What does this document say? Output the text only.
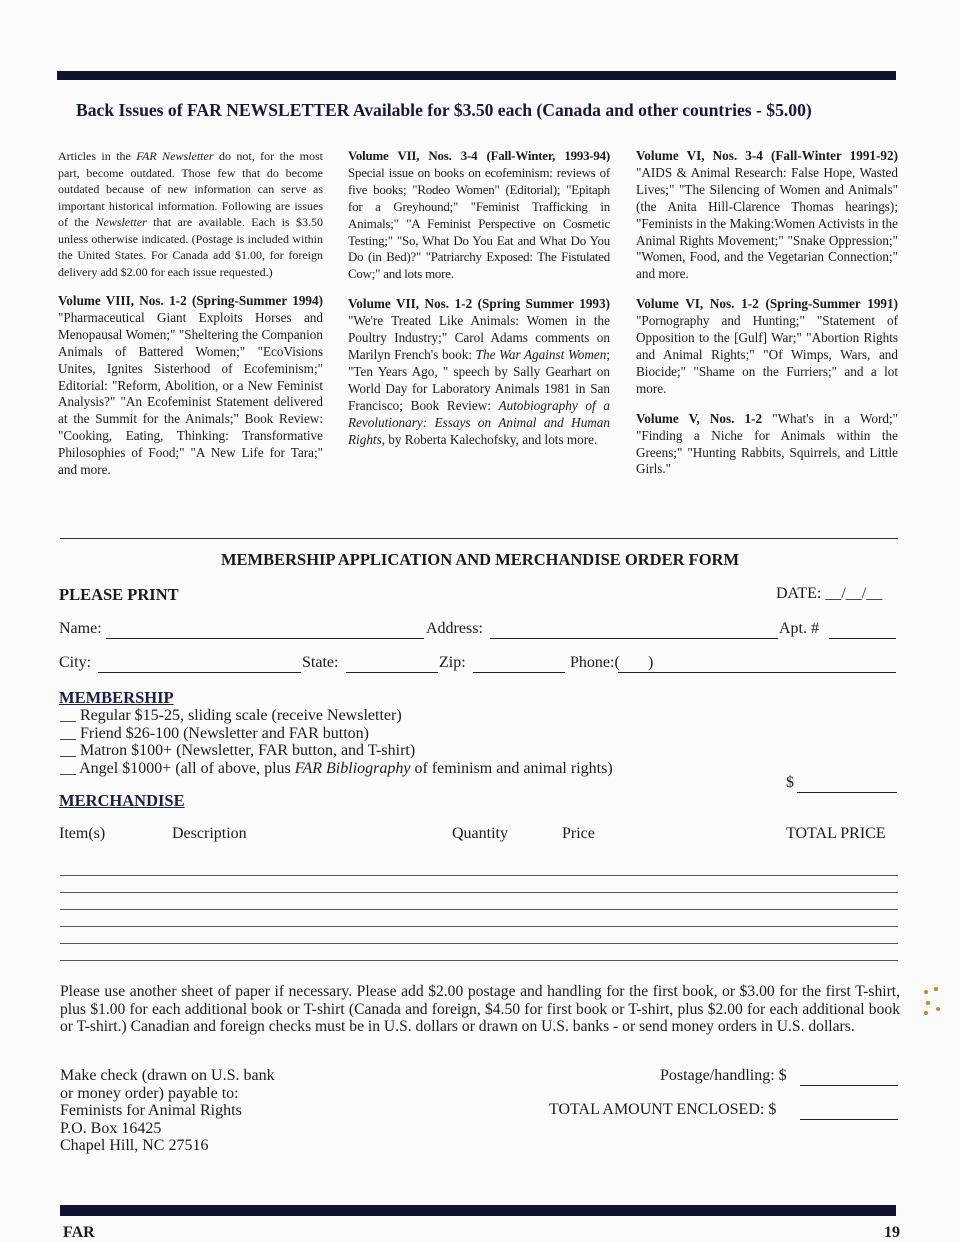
Back Issues of FAR NEWSLETTER Available for $3.50 each (Canada and other countries - $5.00)

Articles in the FAR Newsletter do not, for the most part, become outdated. Those few that do become outdated because of new information can serve as important historical information. Following are issues of the Newsletter that are available. Each is $3.50 unless otherwise indicated. (Postage is included within the United States. For Canada add $1.00, for foreign delivery add $2.00 for each issue requested.)

Volume VIII, Nos. 1-2 (Spring-Summer 1994) "Pharmaceutical Giant Exploits Horses and Menopausal Women;" "Sheltering the Companion Animals of Battered Women;" "EcoVisions Unites, Ignites Sisterhood of Ecofeminism;" Editorial: "Reform, Abolition, or a New Feminist Analysis?" "An Ecofeminist Statement delivered at the Summit for the Animals;" Book Review: "Cooking, Eating, Thinking: Transformative Philosophies of Food;" "A New Life for Tara;" and more.

Volume VII, Nos. 3-4 (Fall-Winter, 1993-94) Special issue on books on ecofeminism: reviews of five books; "Rodeo Women" (Editorial); "Epitaph for a Greyhound;" "Feminist Trafficking in Animals;" "A Feminist Perspective on Cosmetic Testing;" "So, What Do You Eat and What Do You Do (in Bed)?" "Patriarchy Exposed: The Fistulated Cow;" and lots more.

Volume VII, Nos. 1-2 (Spring Summer 1993) "We're Treated Like Animals: Women in the Poultry Industry;" Carol Adams comments on Marilyn French's book: The War Against Women; "Ten Years Ago, " speech by Sally Gearhart on World Day for Laboratory Animals 1981 in San Francisco; Book Review: Autobiography of a Revolutionary: Essays on Animal and Human Rights, by Roberta Kalechofsky, and lots more.

Volume VI, Nos. 3-4 (Fall-Winter 1991-92) "AIDS & Animal Research: False Hope, Wasted Lives;" "The Silencing of Women and Animals" (the Anita Hill-Clarence Thomas hearings); "Feminists in the Making:Women Activists in the Animal Rights Movement;" "Snake Oppression;" "Women, Food, and the Vegetarian Connection;" and more.

Volume VI, Nos. 1-2 (Spring-Summer 1991) "Pornography and Hunting;" "Statement of Opposition to the [Gulf] War;" "Abortion Rights and Animal Rights;" "Of Wimps, Wars, and Biocide;" "Shame on the Furriers;" and a lot more.

Volume V, Nos. 1-2 "What's in a Word;" "Finding a Niche for Animals within the Greens;" "Hunting Rabbits, Squirrels, and Little Girls."

MEMBERSHIP APPLICATION AND MERCHANDISE ORDER FORM
PLEASE PRINT	DATE: __/__/__
Name:	Address:	Apt. #
City:	State:	Zip:	Phone:( )
MEMBERSHIP
__ Regular $15-25, sliding scale (receive Newsletter)
__ Friend $26-100 (Newsletter and FAR button)
__ Matron $100+ (Newsletter, FAR button, and T-shirt)
__ Angel $1000+ (all of above, plus FAR Bibliography of feminism and animal rights)
$
MERCHANDISE
Item(s)	Description	Quantity	Price	TOTAL PRICE
Please use another sheet of paper if necessary. Please add $2.00 postage and handling for the first book, or $3.00 for the first T-shirt, plus $1.00 for each additional book or T-shirt (Canada and foreign, $4.50 for first book or T-shirt, plus $2.00 for each additional book or T-shirt.) Canadian and foreign checks must be in U.S. dollars or drawn on U.S. banks - or send money orders in U.S. dollars.
Make check (drawn on U.S. bank
or money order) payable to:
Feminists for Animal Rights
P.O. Box 16425
Chapel Hill, NC 27516
Postage/handling: $
TOTAL AMOUNT ENCLOSED: $
FAR	19
